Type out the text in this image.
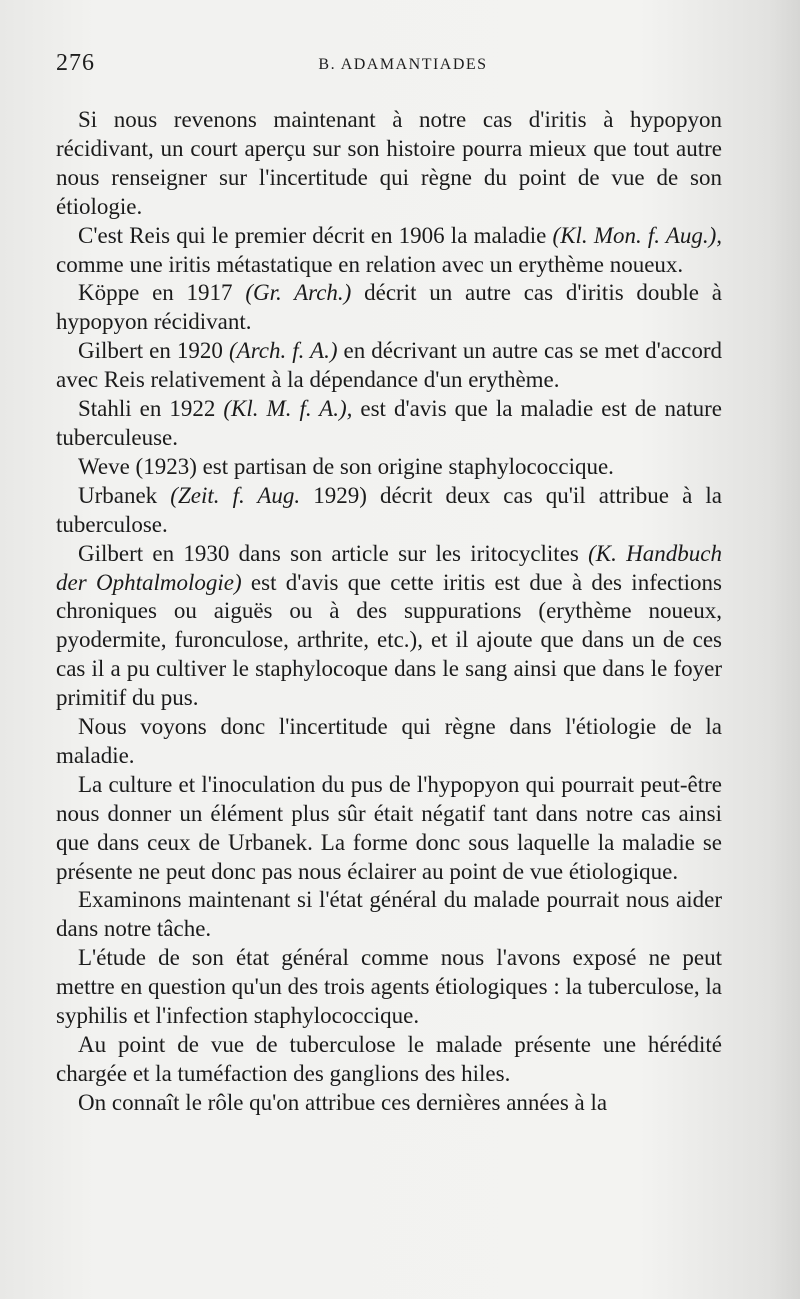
276	B. ADAMANTIADES

Si nous revenons maintenant à notre cas d'iritis à hypopyon récidivant, un court aperçu sur son histoire pourra mieux que tout autre nous renseigner sur l'incertitude qui règne du point de vue de son étiologie.

C'est Reis qui le premier décrit en 1906 la maladie (Kl. Mon. f. Aug.), comme une iritis métastatique en relation avec un erythème noueux.

Köppe en 1917 (Gr. Arch.) décrit un autre cas d'iritis double à hypopyon récidivant.

Gilbert en 1920 (Arch. f. A.) en décrivant un autre cas se met d'accord avec Reis relativement à la dépendance d'un erythème.

Stahli en 1922 (Kl. M. f. A.), est d'avis que la maladie est de nature tuberculeuse.

Weve (1923) est partisan de son origine staphylococcique.

Urbanek (Zeit. f. Aug. 1929) décrit deux cas qu'il attribue à la tuberculose.

Gilbert en 1930 dans son article sur les iritocyclites (K. Handbuch der Ophtalmologie) est d'avis que cette iritis est due à des infections chroniques ou aiguës ou à des suppurations (erythème noueux, pyodermite, furonculose, arthrite, etc.), et il ajoute que dans un de ces cas il a pu cultiver le staphylocoque dans le sang ainsi que dans le foyer primitif du pus.

Nous voyons donc l'incertitude qui règne dans l'étiologie de la maladie.

La culture et l'inoculation du pus de l'hypopyon qui pourrait peut-être nous donner un élément plus sûr était négatif tant dans notre cas ainsi que dans ceux de Urbanek. La forme donc sous laquelle la maladie se présente ne peut donc pas nous éclairer au point de vue étiologique.

Examinons maintenant si l'état général du malade pourrait nous aider dans notre tâche.

L'étude de son état général comme nous l'avons exposé ne peut mettre en question qu'un des trois agents étiologiques : la tuberculose, la syphilis et l'infection staphylococcique.

Au point de vue de tuberculose le malade présente une hérédité chargée et la tuméfaction des ganglions des hiles.

On connaît le rôle qu'on attribue ces dernières années à la
